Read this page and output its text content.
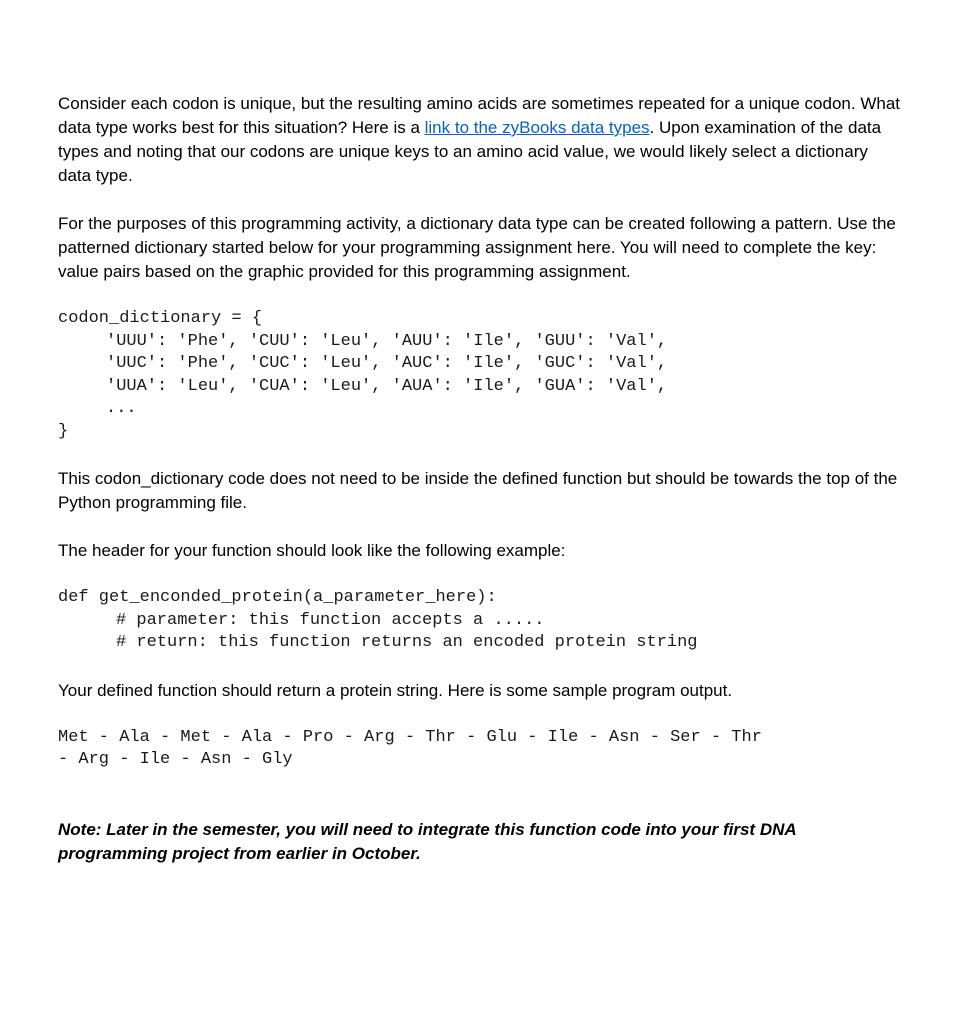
Consider each codon is unique, but the resulting amino acids are sometimes repeated for a unique codon. What data type works best for this situation? Here is a link to the zyBooks data types. Upon examination of the data types and noting that our codons are unique keys to an amino acid value, we would likely select a dictionary data type.

For the purposes of this programming activity, a dictionary data type can be created following a pattern. Use the patterned dictionary started below for your programming assignment here. You will need to complete the key: value pairs based on the graphic provided for this programming assignment.

codon_dictionary = {
'UUU': 'Phe', 'CUU': 'Leu', 'AUU': 'Ile', 'GUU': 'Val',
'UUC': 'Phe', 'CUC': 'Leu', 'AUC': 'Ile', 'GUC': 'Val',
'UUA': 'Leu', 'CUA': 'Leu', 'AUA': 'Ile', 'GUA': 'Val',
...
}

This codon_dictionary code does not need to be inside the defined function but should be towards the top of the Python programming file.

The header for your function should look like the following example:

def get_enconded_protein(a_parameter_here):
# parameter: this function accepts a .....
# return: this function returns an encoded protein string

Your defined function should return a protein string. Here is some sample program output.

Met - Ala - Met - Ala - Pro - Arg - Thr - Glu - Ile - Asn - Ser - Thr
- Arg - Ile - Asn - Gly
Note: Later in the semester, you will need to integrate this function code into your first DNA
programming project from earlier in October.
